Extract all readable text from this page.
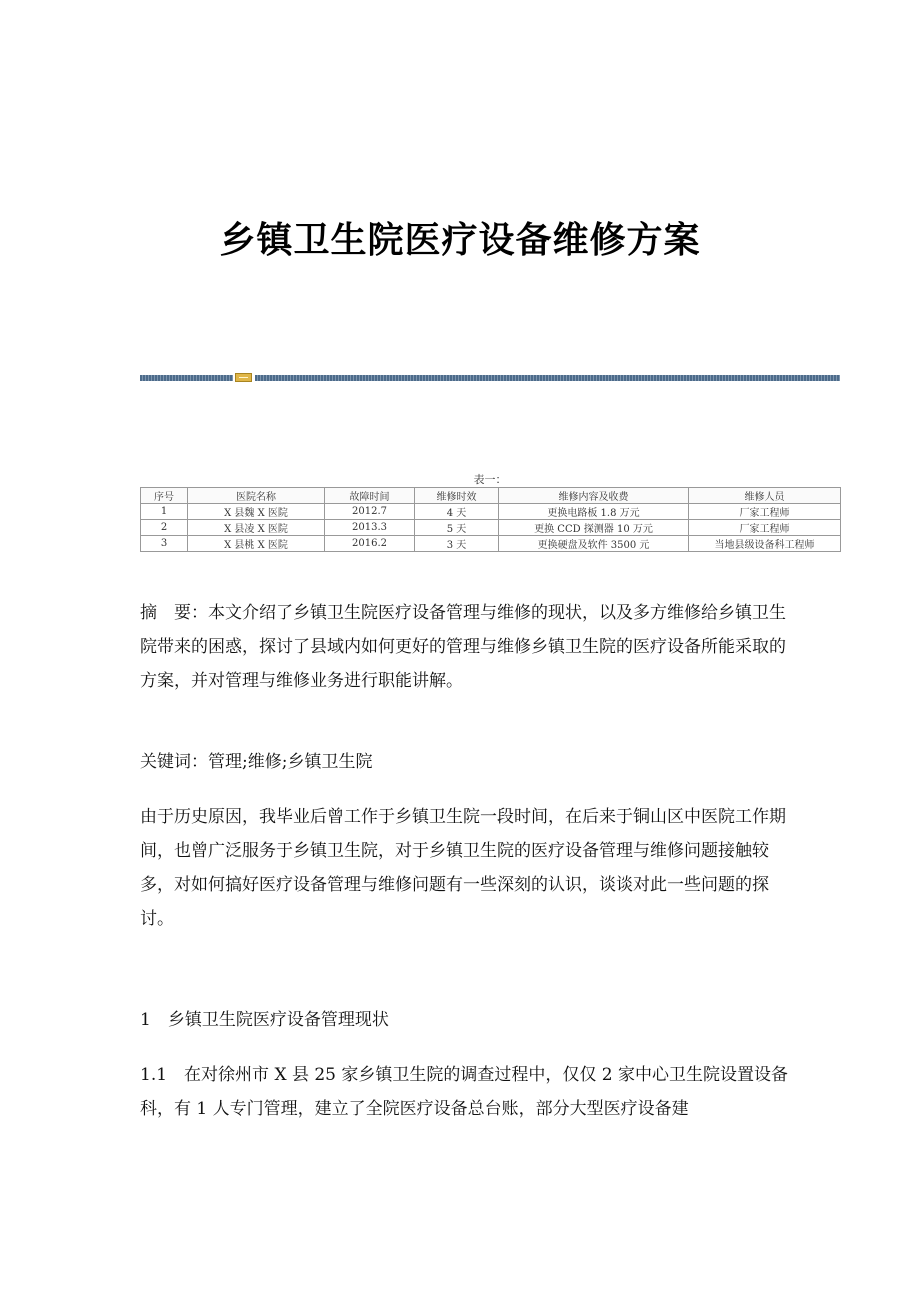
乡镇卫生院医疗设备维修方案
表一：
序号	医院名称	故障时间	维修时效	维修内容及收费	维修人员
1	X 县魏 X 医院	2012.7	4 天	更换电路板 1.8 万元	厂家工程师
2	X 县凌 X 医院	2013.3	5 天	更换 CCD 探测器 10 万元	厂家工程师
3	X 县桃 X 医院	2016.2	3 天	更换硬盘及软件 3500 元	当地县级设备科工程师

摘　要：本文介绍了乡镇卫生院医疗设备管理与维修的现状，以及多方维修给乡镇卫生院带来的困惑，探讨了县域内如何更好的管理与维修乡镇卫生院的医疗设备所能采取的方案，并对管理与维修业务进行职能讲解。

关键词：管理;维修;乡镇卫生院

由于历史原因，我毕业后曾工作于乡镇卫生院一段时间，在后来于铜山区中医院工作期间，也曾广泛服务于乡镇卫生院，对于乡镇卫生院的医疗设备管理与维修问题接触较多，对如何搞好医疗设备管理与维修问题有一些深刻的认识，谈谈对此一些问题的探讨。

1　乡镇卫生院医疗设备管理现状

1.1　在对徐州市 X 县 25 家乡镇卫生院的调查过程中，仅仅 2 家中心卫生院设置设备科，有 1 人专门管理，建立了全院医疗设备总台账，部分大型医疗设备建
